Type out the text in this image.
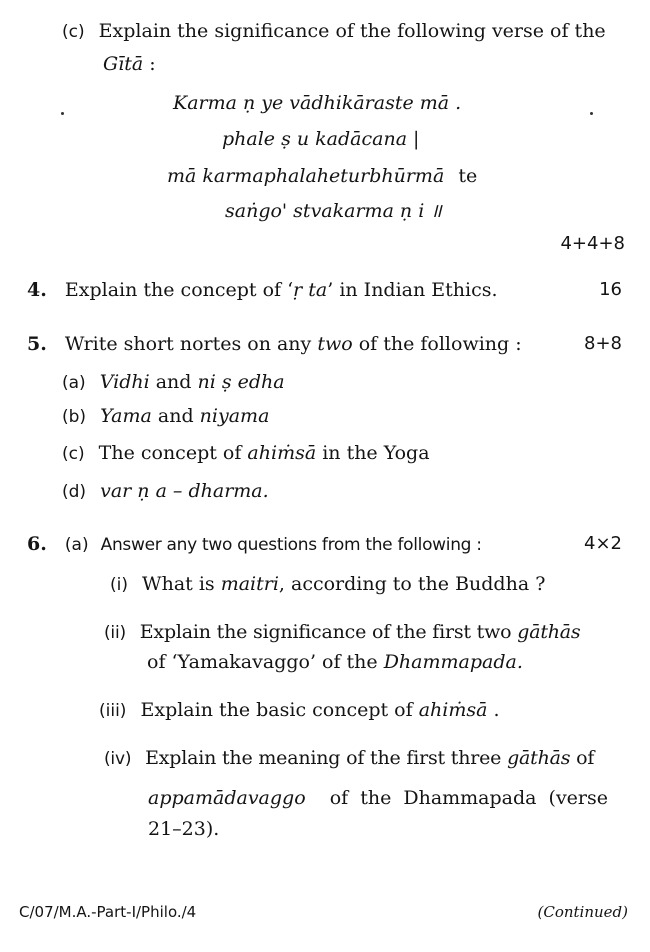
(c) Explain the significance of the following verse of the
Gītā :
Karma ṇ ye vādhikāraste mā .
phale ṣ u kadācana |
mā karmaphalaheturbhūrmā te
saṅgo' stvakarma ṇ i ॥
4+4+8
4. Explain the concept of ‘ṛ ta’ in Indian Ethics.	16
5. Write short nortes on any two of the following :	8+8
(a) Vidhi and ni ṣ edha
(b) Yama and niyama
(c) The concept of ahiṁsā in the Yoga
(d) var ṇ a – dharma.
6. (a) Answer any two questions from the following :	4×2
(i) What is maitri, according to the Buddha ?
(ii) Explain the significance of the first two gāthās
of ‘Yamakavaggo’ of the Dhammapada.
(iii) Explain the basic concept of ahiṁsā .
(iv) Explain the meaning of the first three gāthās of
appamādavaggo of the Dhammapada (verse
21–23).
C/07/M.A.-Part-I/Philo./4	(Continued)
